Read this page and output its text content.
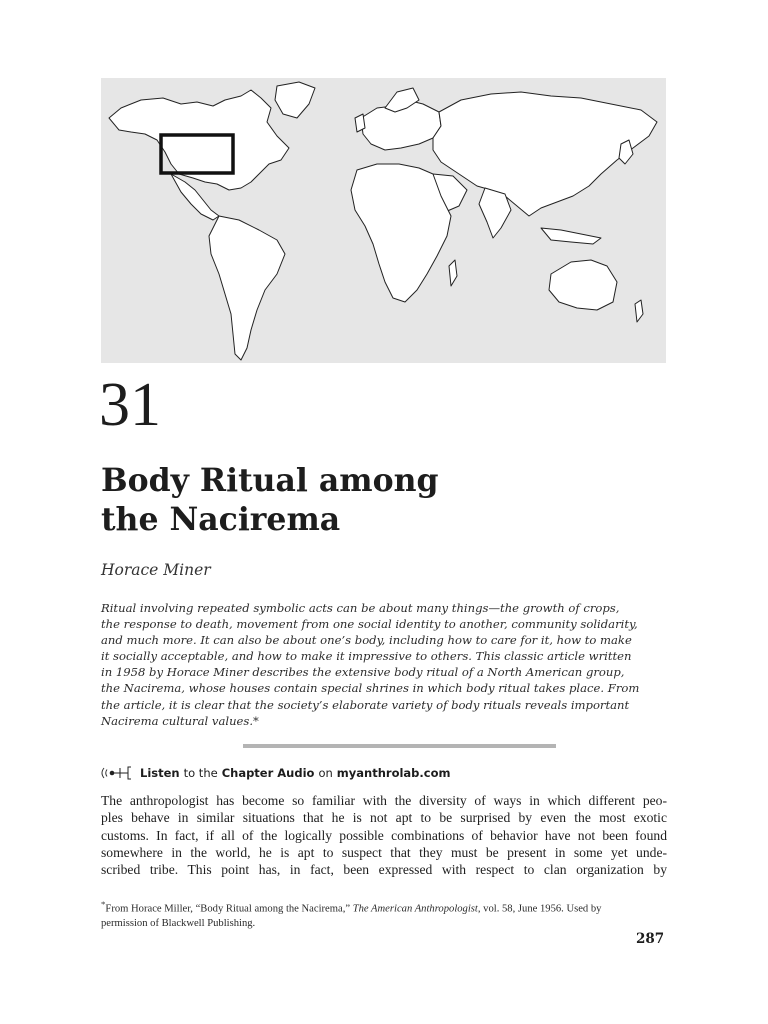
31
Body Ritual among
the Nacirema
Horace Miner
Ritual involving repeated symbolic acts can be about many things—the growth of crops,
the response to death, movement from one social identity to another, community solidarity,
and much more. It can also be about one’s body, including how to care for it, how to make
it socially acceptable, and how to make it impressive to others. This classic article written
in 1958 by Horace Miner describes the extensive body ritual of a North American group,
the Nacirema, whose houses contain special shrines in which body ritual takes place. From
the article, it is clear that the society’s elaborate variety of body rituals reveals important
Nacirema cultural values.*
Listen to the Chapter Audio on myanthrolab.com
The anthropologist has become so familiar with the diversity of ways in which different peo-
ples behave in similar situations that he is not apt to be surprised by even the most exotic
customs. In fact, if all of the logically possible combinations of behavior have not been found
somewhere in the world, he is apt to suspect that they must be present in some yet unde-
scribed tribe. This point has, in fact, been expressed with respect to clan organization by
*From Horace Miller, “Body Ritual among the Nacirema,” The American Anthropologist, vol. 58, June 1956. Used by
permission of Blackwell Publishing.
287
